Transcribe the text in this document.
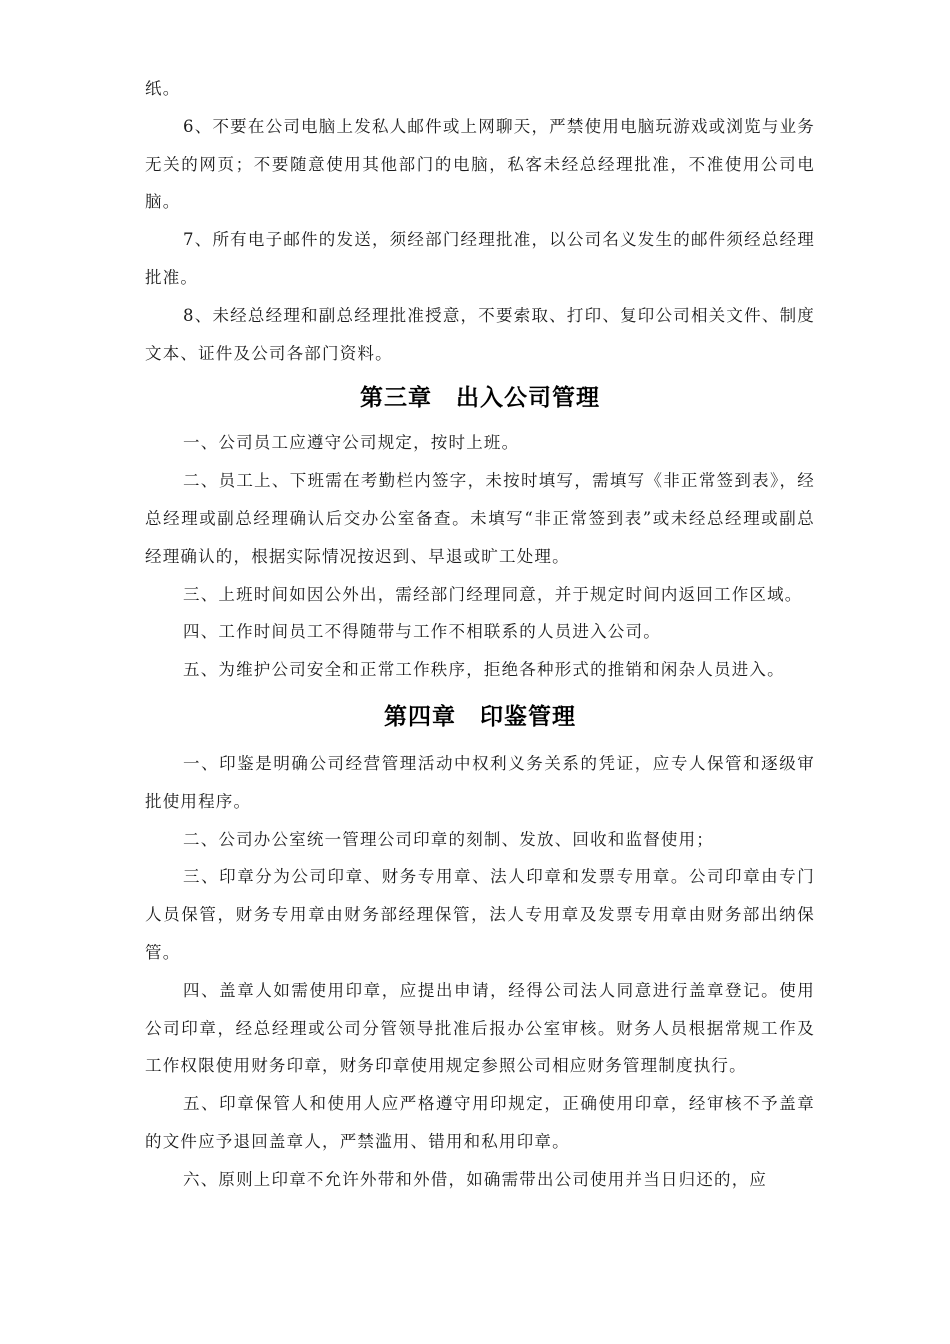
纸。

6、不要在公司电脑上发私人邮件或上网聊天，严禁使用电脑玩游戏或浏览与业务无关的网页；不要随意使用其他部门的电脑，私客未经总经理批准，不准使用公司电脑。

7、所有电子邮件的发送，须经部门经理批准，以公司名义发生的邮件须经总经理批准。

8、未经总经理和副总经理批准授意，不要索取、打印、复印公司相关文件、制度文本、证件及公司各部门资料。

第三章　出入公司管理

一、公司员工应遵守公司规定，按时上班。

二、员工上、下班需在考勤栏内签字，未按时填写，需填写《非正常签到表》，经总经理或副总经理确认后交办公室备查。未填写“非正常签到表”或未经总经理或副总经理确认的，根据实际情况按迟到、早退或旷工处理。

三、上班时间如因公外出，需经部门经理同意，并于规定时间内返回工作区域。

四、工作时间员工不得随带与工作不相联系的人员进入公司。

五、为维护公司安全和正常工作秩序，拒绝各种形式的推销和闲杂人员进入。

第四章　印鉴管理

一、印鉴是明确公司经营管理活动中权利义务关系的凭证，应专人保管和逐级审批使用程序。

二、公司办公室统一管理公司印章的刻制、发放、回收和监督使用；

三、印章分为公司印章、财务专用章、法人印章和发票专用章。公司印章由专门人员保管，财务专用章由财务部经理保管，法人专用章及发票专用章由财务部出纳保管。

四、盖章人如需使用印章，应提出申请，经得公司法人同意进行盖章登记。使用公司印章，经总经理或公司分管领导批准后报办公室审核。财务人员根据常规工作及工作权限使用财务印章，财务印章使用规定参照公司相应财务管理制度执行。

五、印章保管人和使用人应严格遵守用印规定，正确使用印章，经审核不予盖章的文件应予退回盖章人，严禁滥用、错用和私用印章。

六、原则上印章不允许外带和外借，如确需带出公司使用并当日归还的，应
